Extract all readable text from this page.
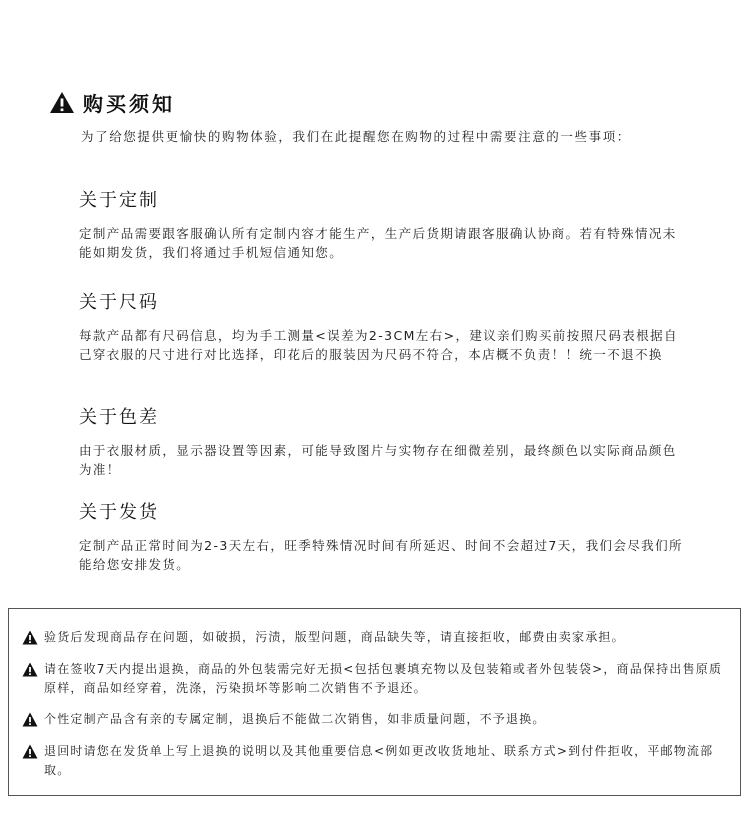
购买须知
为了给您提供更愉快的购物体验，我们在此提醒您在购物的过程中需要注意的一些事项：
关于定制

定制产品需要跟客服确认所有定制内容才能生产，生产后货期请跟客服确认协商。若有特殊情况未能如期发货，我们将通过手机短信通知您。

关于尺码

每款产品都有尺码信息，均为手工测量<误差为2-3CM左右>，建议亲们购买前按照尺码表根据自己穿衣服的尺寸进行对比选择，印花后的服装因为尺码不符合，本店概不负责！！统一不退不换

关于色差

由于衣服材质，显示器设置等因素，可能导致图片与实物存在细微差别，最终颜色以实际商品颜色为准！

关于发货

定制产品正常时间为2-3天左右，旺季特殊情况时间有所延迟、时间不会超过7天，我们会尽我们所能给您安排发货。

验货后发现商品存在问题，如破损，污渍，版型问题，商品缺失等，请直接拒收，邮费由卖家承担。
请在签收7天内提出退换，商品的外包装需完好无损<包括包裹填充物以及包装箱或者外包装袋>，商品保持出售原质原样，商品如经穿着，洗涤，污染损坏等影响二次销售不予退还。
个性定制产品含有亲的专属定制，退换后不能做二次销售，如非质量问题，不予退换。
退回时请您在发货单上写上退换的说明以及其他重要信息<例如更改收货地址、联系方式>到付件拒收，平邮物流部取。
